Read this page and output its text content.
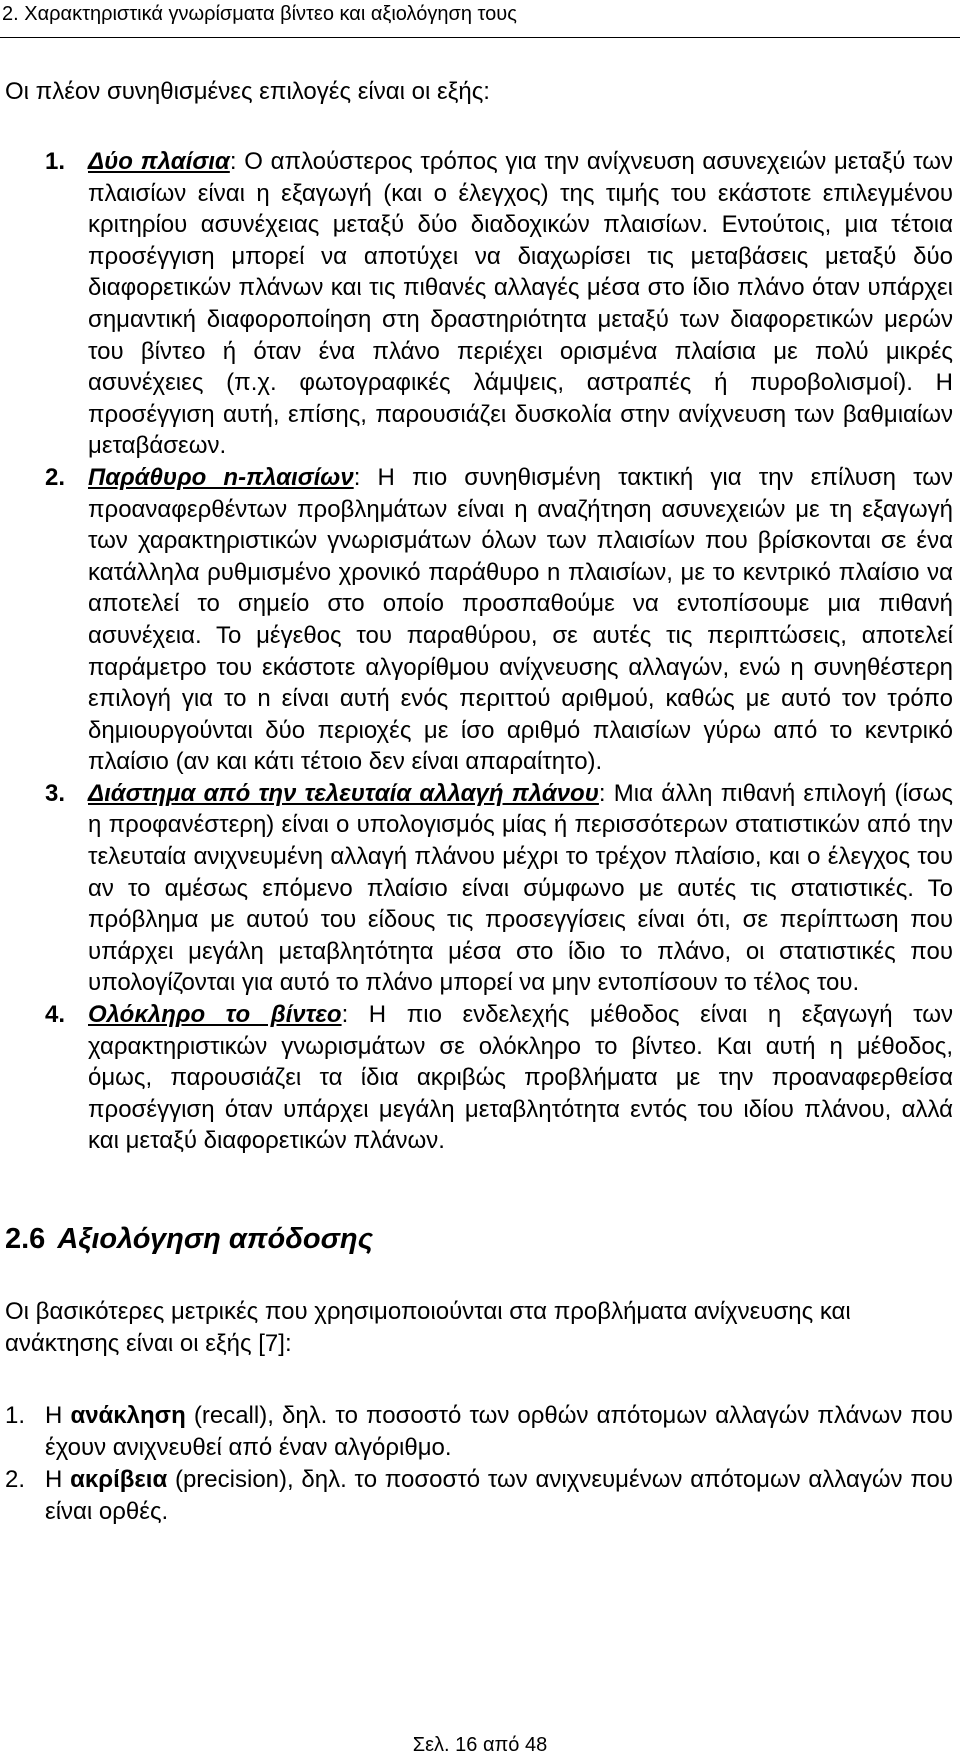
2. Χαρακτηριστικά γνωρίσματα βίντεο και αξιολόγηση τους

Οι πλέον συνηθισμένες επιλογές είναι οι εξής:

1. Δύο πλαίσια: Ο απλούστερος τρόπος για την ανίχνευση ασυνεχειών μεταξύ των πλαισίων είναι η εξαγωγή (και ο έλεγχος) της τιμής του εκάστοτε επιλεγμένου κριτηρίου ασυνέχειας μεταξύ δύο διαδοχικών πλαισίων. Εντούτοις, μια τέτοια προσέγγιση μπορεί να αποτύχει να διαχωρίσει τις μεταβάσεις μεταξύ δύο διαφορετικών πλάνων και τις πιθανές αλλαγές μέσα στο ίδιο πλάνο όταν υπάρχει σημαντική διαφοροποίηση στη δραστηριότητα μεταξύ των διαφορετικών μερών του βίντεο ή όταν ένα πλάνο περιέχει ορισμένα πλαίσια με πολύ μικρές ασυνέχειες (π.χ. φωτογραφικές λάμψεις, αστραπές ή πυροβολισμοί). Η προσέγγιση αυτή, επίσης, παρουσιάζει δυσκολία στην ανίχνευση των βαθμιαίων μεταβάσεων.
2. Παράθυρο n-πλαισίων: Η πιο συνηθισμένη τακτική για την επίλυση των προαναφερθέντων προβλημάτων είναι η αναζήτηση ασυνεχειών με τη εξαγωγή των χαρακτηριστικών γνωρισμάτων όλων των πλαισίων που βρίσκονται σε ένα κατάλληλα ρυθμισμένο χρονικό παράθυρο n πλαισίων, με το κεντρικό πλαίσιο να αποτελεί το σημείο στο οποίο προσπαθούμε να εντοπίσουμε μια πιθανή ασυνέχεια. Το μέγεθος του παραθύρου, σε αυτές τις περιπτώσεις, αποτελεί παράμετρο του εκάστοτε αλγορίθμου ανίχνευσης αλλαγών, ενώ η συνηθέστερη επιλογή για το n είναι αυτή ενός περιττού αριθμού, καθώς με αυτό τον τρόπο δημιουργούνται δύο περιοχές με ίσο αριθμό πλαισίων γύρω από το κεντρικό πλαίσιο (αν και κάτι τέτοιο δεν είναι απαραίτητο).
3. Διάστημα από την τελευταία αλλαγή πλάνου: Μια άλλη πιθανή επιλογή (ίσως η προφανέστερη) είναι ο υπολογισμός μίας ή περισσότερων στατιστικών από την τελευταία ανιχνευμένη αλλαγή πλάνου μέχρι το τρέχον πλαίσιο, και ο έλεγχος του αν το αμέσως επόμενο πλαίσιο είναι σύμφωνο με αυτές τις στατιστικές. Το πρόβλημα με αυτού του είδους τις προσεγγίσεις είναι ότι, σε περίπτωση που υπάρχει μεγάλη μεταβλητότητα μέσα στο ίδιο το πλάνο, οι στατιστικές που υπολογίζονται για αυτό το πλάνο μπορεί να μην εντοπίσουν το τέλος του.
4. Ολόκληρο το βίντεο: Η πιο ενδελεχής μέθοδος είναι η εξαγωγή των χαρακτηριστικών γνωρισμάτων σε ολόκληρο το βίντεο. Και αυτή η μέθοδος, όμως, παρουσιάζει τα ίδια ακριβώς προβλήματα με την προαναφερθείσα προσέγγιση όταν υπάρχει μεγάλη μεταβλητότητα εντός του ιδίου πλάνου, αλλά και μεταξύ διαφορετικών πλάνων.
2.6 Αξιολόγηση απόδοσης

Οι βασικότερες μετρικές που χρησιμοποιούνται στα προβλήματα ανίχνευσης και ανάκτησης είναι οι εξής [7]:

1. Η ανάκληση (recall), δηλ. το ποσοστό των ορθών απότομων αλλαγών πλάνων που έχουν ανιχνευθεί από έναν αλγόριθμο.
2. Η ακρίβεια (precision), δηλ. το ποσοστό των ανιχνευμένων απότομων αλλαγών που είναι ορθές.
Σελ. 16 από 48
